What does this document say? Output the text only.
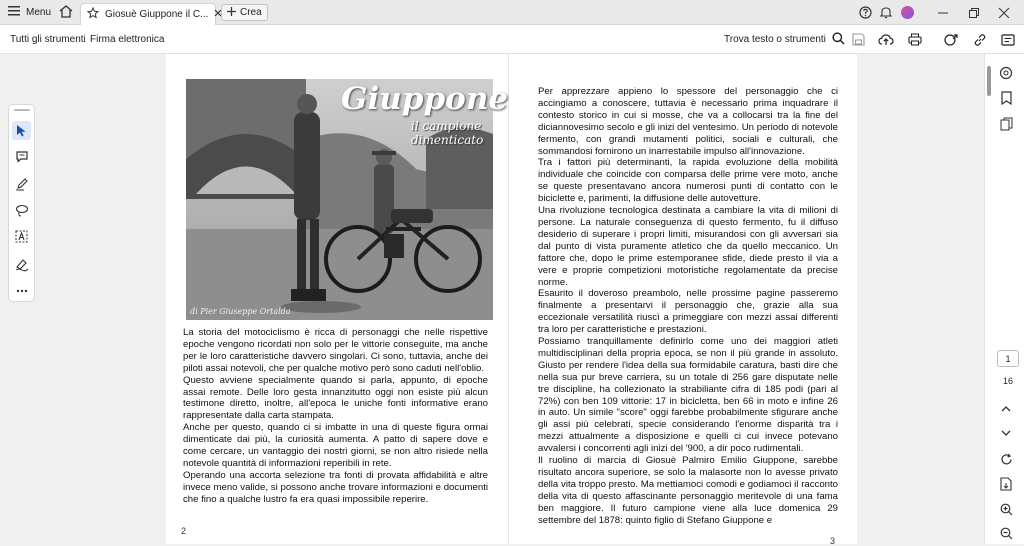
Menu	Giosuè Giuppone il C...	Crea
Tutti gli strumenti Firma elettronica	Trova testo o strumenti
Giuppone
il campione
dimenticato
di Pier Giuseppe Ortalda

La storia del motociclismo è ricca di personaggi che nelle rispettive epoche vengono ricordati non solo per le vittorie conseguite, ma anche per le loro caratteristiche davvero singolari. Ci sono, tuttavia, anche dei piloti assai notevoli, che per qualche motivo però sono caduti nell'oblio.

Questo avviene specialmente quando si parla, appunto, di epoche assai remote. Delle loro gesta innanzitutto oggi non esiste più alcun testimone diretto, inoltre, all'epoca le uniche fonti informative erano rappresentate dalla carta stampata.

Anche per questo, quando ci si imbatte in una di queste figura ormai dimenticate dai più, la curiosità aumenta. A patto di sapere dove e come cercare, un vantaggio dei nostri giorni, se non altro risiede nella notevole quantità di informazioni reperibili in rete.

Operando una accorta selezione tra fonti di provata affidabilità e altre invece meno valide, si possono anche trovare informazioni e documenti che fino a qualche lustro fa era quasi impossibile reperire.

2

Per apprezzare appieno lo spessore del personaggio che ci accingiamo a conoscere, tuttavia è necessario prima inquadrare il contesto storico in cui si mosse, che va a collocarsi tra la fine del diciannovesimo secolo e gli inizi del ventesimo. Un periodo di notevole fermento, con grandi mutamenti politici, sociali e culturali, che sommandosi fornirono un inarrestabile impulso all'innovazione.

Tra i fattori più determinanti, la rapida evoluzione della mobilità individuale che coincide con comparsa delle prime vere moto, anche se queste presentavano ancora numerosi punti di contatto con le biciclette e, parimenti, la diffusione delle autovetture.

Una rivoluzione tecnologica destinata a cambiare la vita di milioni di persone. La naturale conseguenza di questo fermento, fu il diffuso desiderio di superare i propri limiti, misurandosi con gli avversari sia dal punto di vista puramente atletico che da quello meccanico. Un fattore che, dopo le prime estemporanee sfide, diede presto il via a vere e proprie competizioni motoristiche regolamentate da precise norme.

Esaurito il doveroso preambolo, nelle prossime pagine passeremo finalmente a presentarvi il personaggio che, grazie alla sua eccezionale versatilità riuscì a primeggiare con mezzi assai differenti tra loro per caratteristiche e prestazioni.

Possiamo tranquillamente definirlo come uno dei maggiori atleti multidisciplinari della propria epoca, se non il più grande in assoluto. Giusto per rendere l'idea della sua formidabile caratura, basti dire che nella sua pur breve carriera, su un totale di 256 gare disputate nelle tre discipline, ha collezionato la strabiliante cifra di 185 podi (pari al 72%) con ben 109 vittorie: 17 in bicicletta, ben 66 in moto e infine 26 in auto. Un simile "score" oggi farebbe probabilmente sfigurare anche gli assi più celebrati, specie considerando l'enorme disparità tra i mezzi attualmente a disposizione e quelli ci cui invece potevano avvalersi i concorrenti agli inizi del '900, a dir poco rudimentali.

Il ruolino di marcia di Giosuè Palmiro Emilio Giuppone, sarebbe risultato ancora superiore, se solo la malasorte non lo avesse privato della vita troppo presto. Ma mettiamoci comodi e godiamoci il racconto della vita di questo affascinante personaggio meritevole di una fama ben maggiore. Il futuro campione viene alla luce domenica 29 settembre del 1878: quinto figlio di Stefano Giuppone e

3
1
16
